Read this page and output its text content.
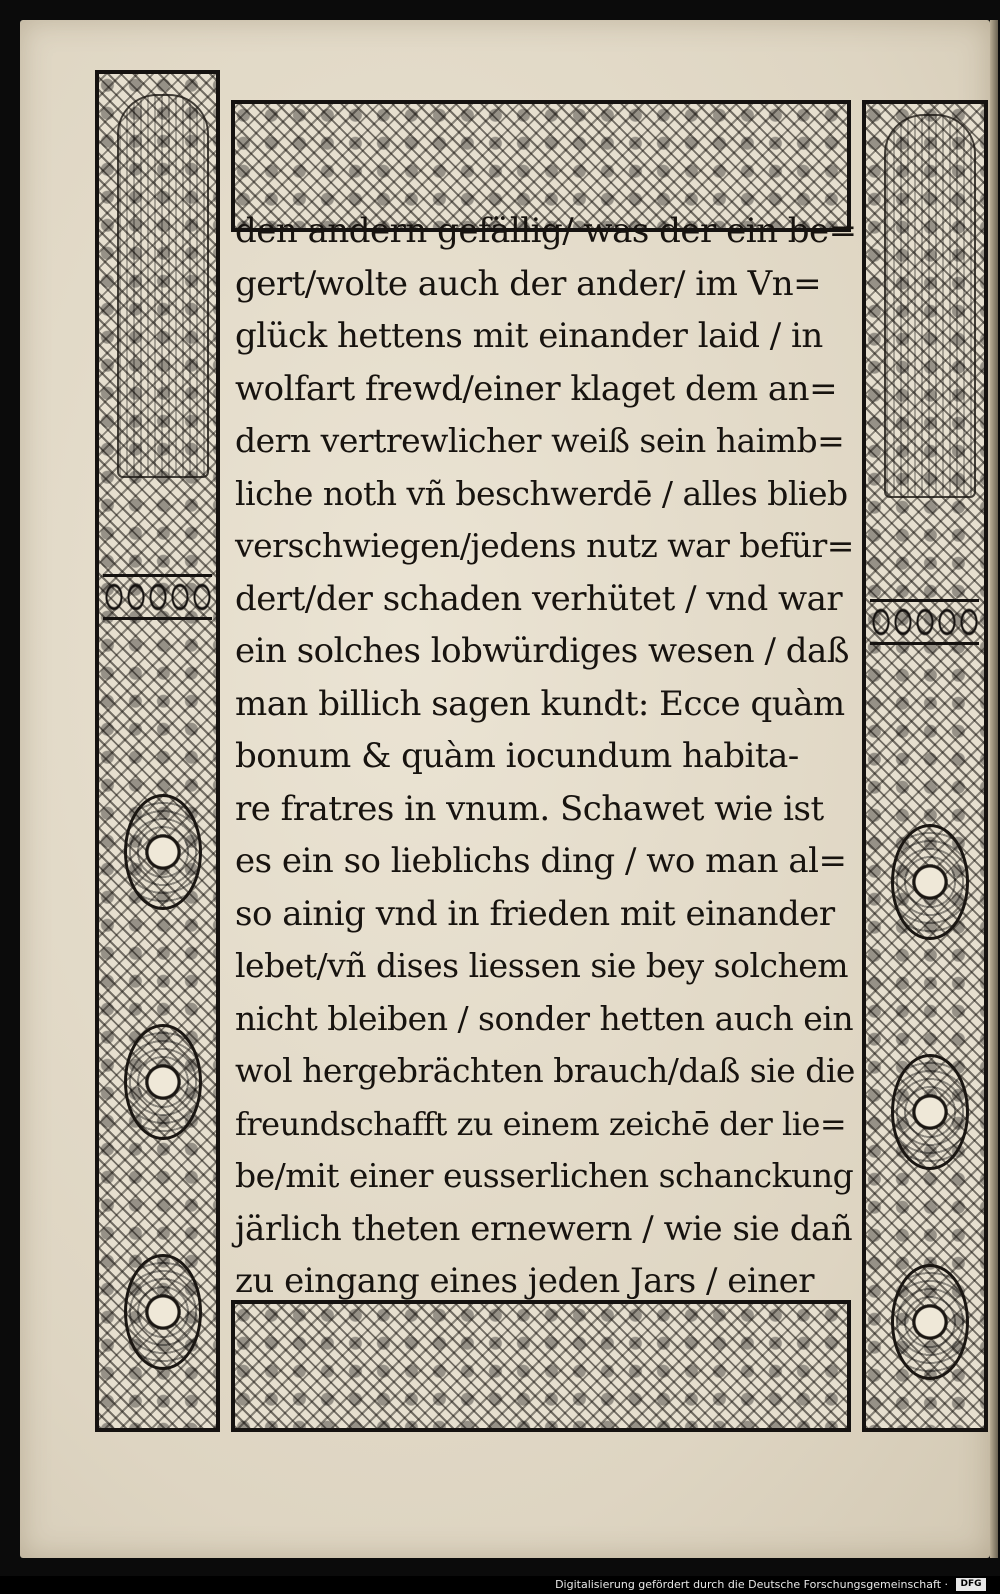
den andern gefällig/ was der ein be=
gert/wolte auch der ander/ im Vn=
glück hettens mit einander laid / in
wolfart frewd/einer klaget dem an=
dern vertrewlicher weiß sein haimb=
liche noth vñ beschwerdē / alles blieb
verschwiegen/jedens nutz war befür=
dert/der schaden verhütet / vnd war
ein solches lobwürdiges wesen / daß
man billich sagen kundt: Ecce quàm
bonum & quàm iocundum habita-
re fratres in vnum. Schawet wie ist
es ein so lieblichs ding / wo man al=
so ainig vnd in frieden mit einander
lebet/vñ dises liessen sie bey solchem
nicht bleiben / sonder hetten auch ein
wol hergebrächten brauch/daß sie die
freundschafft zu einem zeichē der lie=
be/mit einer eusserlichen schanckung
järlich theten ernewern / wie sie dañ
zu eingang eines jeden Jars / einer
Digitalisierung gefördert durch die Deutsche Forschungsgemeinschaft ·	DFG
